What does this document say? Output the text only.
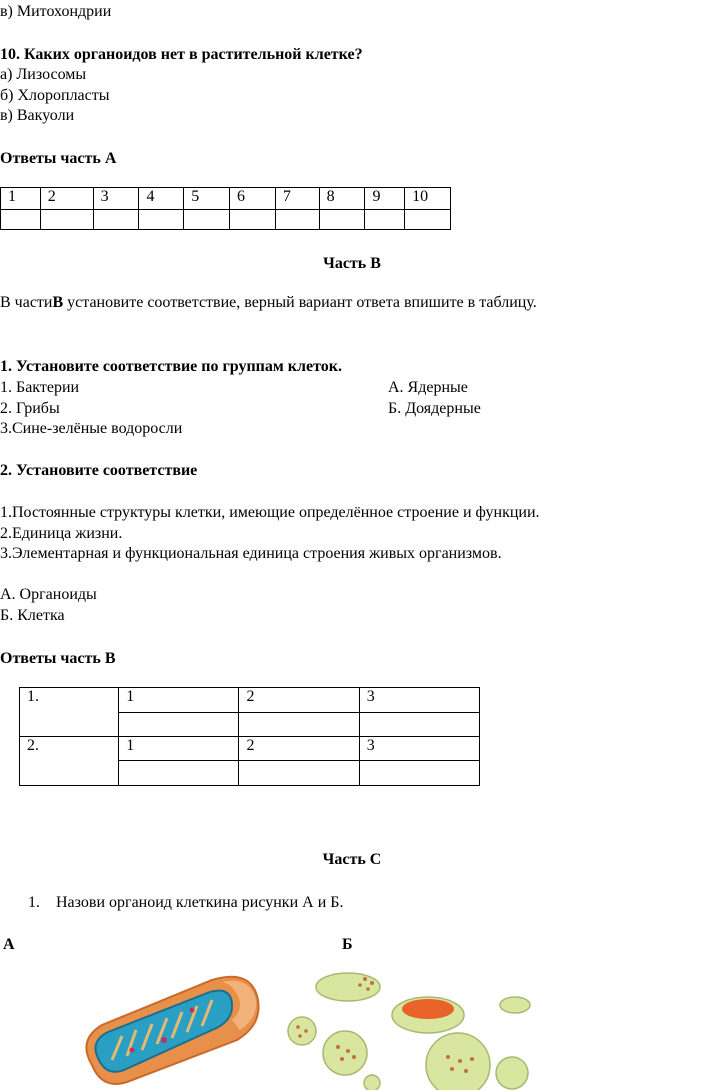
в) Митохондрии
10. Каких органоидов нет в растительной клетке?
а) Лизосомы
б) Хлоропласты
в) Вакуоли
Ответы часть А
1	2	3	4	5	6	7	8	9	10

Часть В
В частиВ установите соответствие, верный вариант ответа впишите в таблицу.
1. Установите соответствие по группам клеток.
1. Бактерии	А. Ядерные
2. Грибы	Б. Доядерные
3.Сине-зелёные водоросли
2. Установите соответствие
1.Постоянные структуры клетки, имеющие определённое строение и функции.
2.Единица жизни.
3.Элементарная и функциональная единица строения живых организмов.
А. Органоиды
Б. Клетка
Ответы часть В
1.	1	2	3

2.	1	2	3

Часть С
1. Назови органоид клеткина рисунки А и Б.
А	Б
